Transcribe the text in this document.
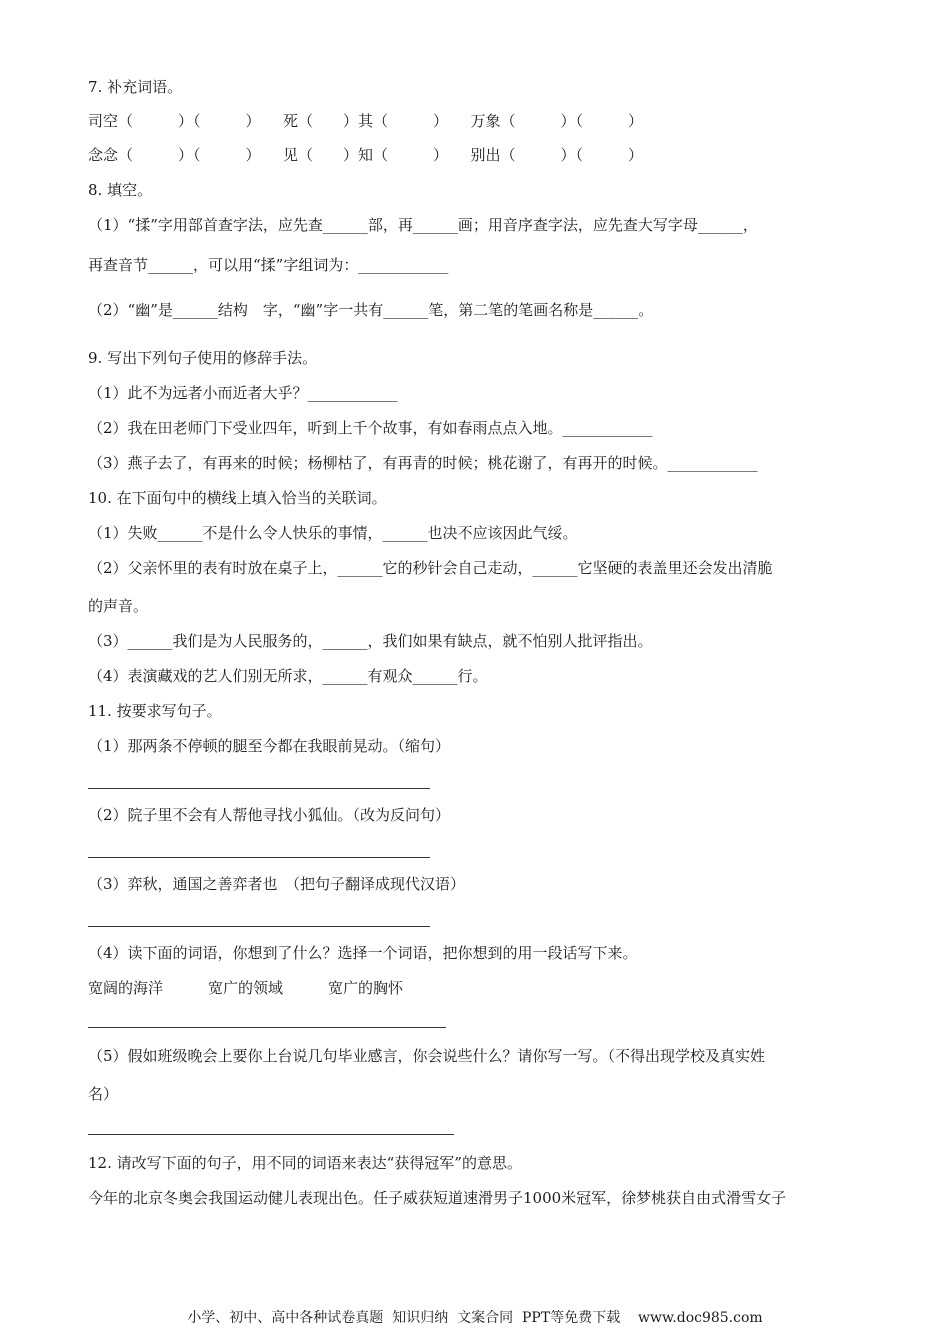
7. 补充词语。
司空（　　　）（　　　）　　死（　　）其（　　　）　　万象（　　　）（　　　）
念念（　　　）（　　　）　　见（　　）知（　　　）　　别出（　　　）（　　　）
8. 填空。
（1）“揉”字用部首查字法，应先查______部，再______画；用音序查字法，应先查大写字母______，
再查音节______，可以用“揉”字组词为：____________
（2）“幽”是______结构　字，“幽”字一共有______笔，第二笔的笔画名称是______。
9. 写出下列句子使用的修辞手法。
（1）此不为远者小而近者大乎？____________
（2）我在田老师门下受业四年，听到上千个故事，有如春雨点点入地。____________
（3）燕子去了，有再来的时候；杨柳枯了，有再青的时候；桃花谢了，有再开的时候。____________
10. 在下面句中的横线上填入恰当的关联词。
（1）失败______不是什么令人快乐的事情，______也决不应该因此气绥。
（2）父亲怀里的表有时放在桌子上，______它的秒针会自己走动，______它坚硬的表盖里还会发出清脆
的声音。
（3）______我们是为人民服务的，______，我们如果有缺点，就不怕别人批评指出。
（4）表演藏戏的艺人们别无所求，______有观众______行。
11. 按要求写句子。
（1）那两条不停顿的腿至今都在我眼前晃动。（缩句）
（2）院子里不会有人帮他寻找小狐仙。（改为反问句）
（3）弈秋，通国之善弈者也　（把句子翻译成现代汉语）
（4）读下面的词语，你想到了什么？选择一个词语，把你想到的用一段话写下来。
宽阔的海洋　　　宽广的领域　　　宽广的胸怀
（5）假如班级晚会上要你上台说几句毕业感言，你会说些什么？请你写一写。（不得出现学校及真实姓
名）
12. 请改写下面的句子，用不同的词语来表达“获得冠军”的意思。
今年的北京冬奥会我国运动健儿表现出色。任子威获短道速滑男子1000米冠军，徐梦桃获自由式滑雪女子
小学、初中、高中各种试卷真题  知识归纳  文案合同  PPT等免费下载    www.doc985.com
